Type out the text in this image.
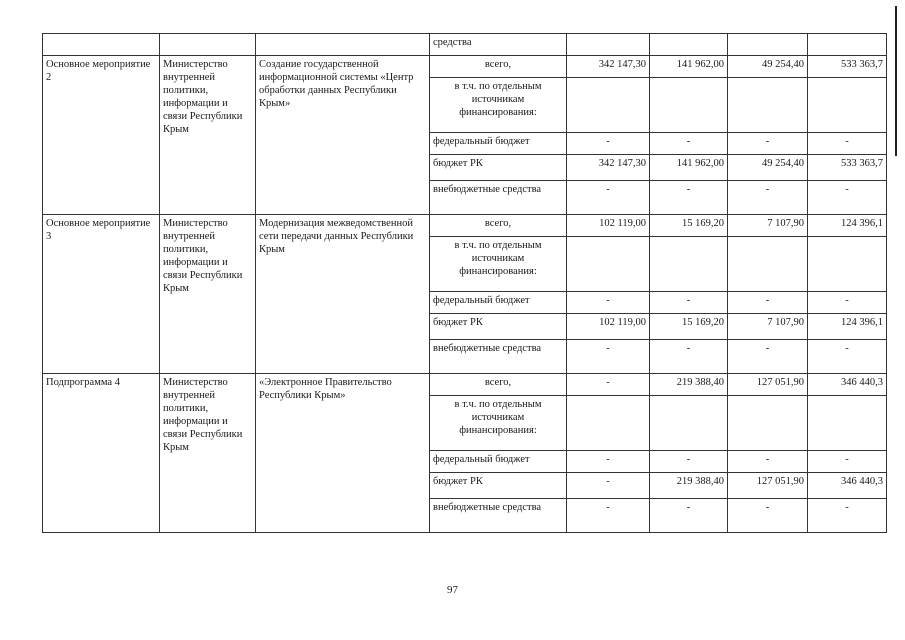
			средства				
Основное мероприятие 2	Министерство внутренней политики, информации и связи Республики Крым	Создание государственной информационной системы «Центр обработки данных Республики Крым»	всего,	342 147,30	141 962,00	49 254,40	533 363,7
			в т.ч. по отдельным источникам финансирования:				
			федеральный бюджет	-	-	-	-
			бюджет РК	342 147,30	141 962,00	49 254,40	533 363,7
			внебюджетные средства	-	-	-	-
Основное мероприятие 3	Министерство внутренней политики, информации и связи Республики Крым	Модернизация межведомственной сети передачи данных Республики Крым	всего,	102 119,00	15 169,20	7 107,90	124 396,1
			в т.ч. по отдельным источникам финансирования:				
			федеральный бюджет	-	-	-	-
			бюджет РК	102 119,00	15 169,20	7 107,90	124 396,1
			внебюджетные средства	-	-	-	-
Подпрограмма 4	Министерство внутренней политики, информации и связи Республики Крым	«Электронное Правительство Республики Крым»	всего,	-	219 388,40	127 051,90	346 440,3
			в т.ч. по отдельным источникам финансирования:				
			федеральный бюджет	-	-	-	-
			бюджет РК	-	219 388,40	127 051,90	346 440,3
			внебюджетные средства	-	-	-	-
97
